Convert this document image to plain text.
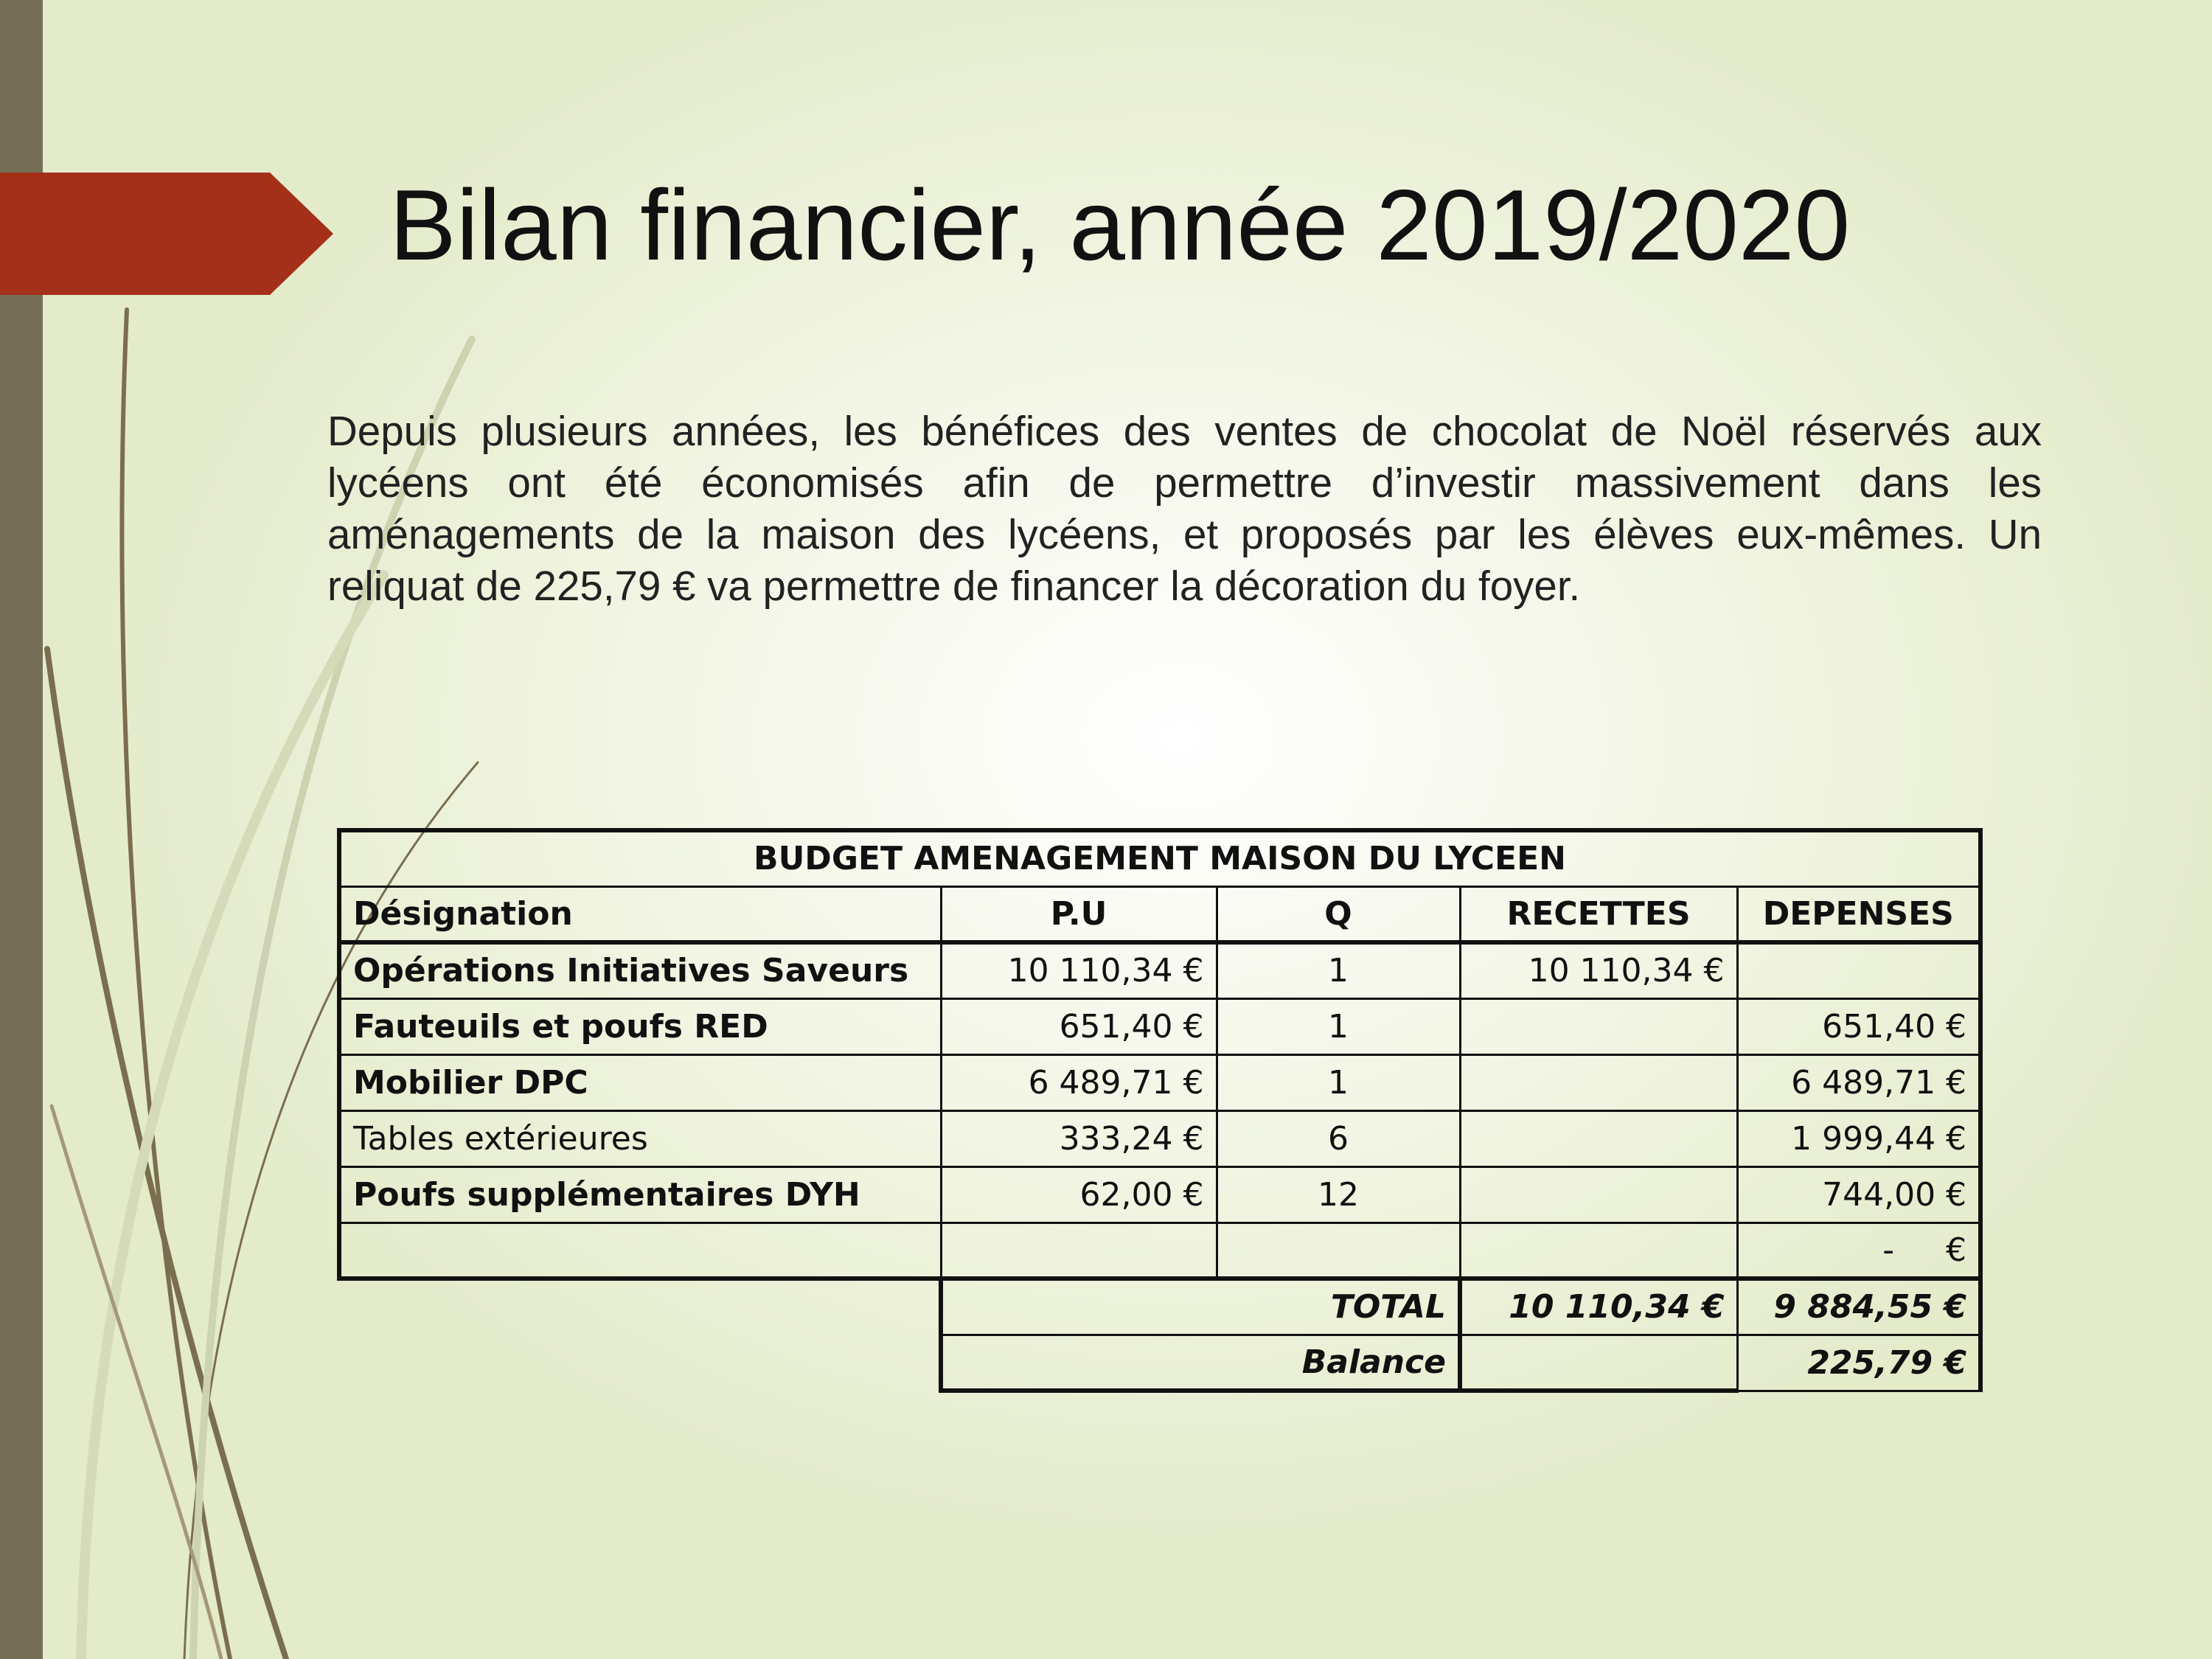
Bilan financier, année 2019/2020

Depuis plusieurs années, les bénéfices des ventes de chocolat de Noël réservés aux lycéens ont été économisés afin de permettre d’investir massivement dans les aménagements de la maison des lycéens, et proposés par les élèves eux-mêmes. Un reliquat de 225,79 € va permettre de financer la décoration du foyer.

BUDGET AMENAGEMENT MAISON DU LYCEEN				
Désignation	P.U	Q	RECETTES	DEPENSES
Opérations Initiatives Saveurs	10 110,34 €	1	10 110,34 €	
Fauteuils et poufs RED	651,40 €	1		651,40 €
Mobilier DPC	6 489,71 €	1		6 489,71 €
Tables extérieures	333,24 €	6		1 999,44 €
Poufs supplémentaires DYH	62,00 €	12		744,00 €
				-     €
	TOTAL		10 110,34 €	9 884,55 €
	Balance			225,79 €
